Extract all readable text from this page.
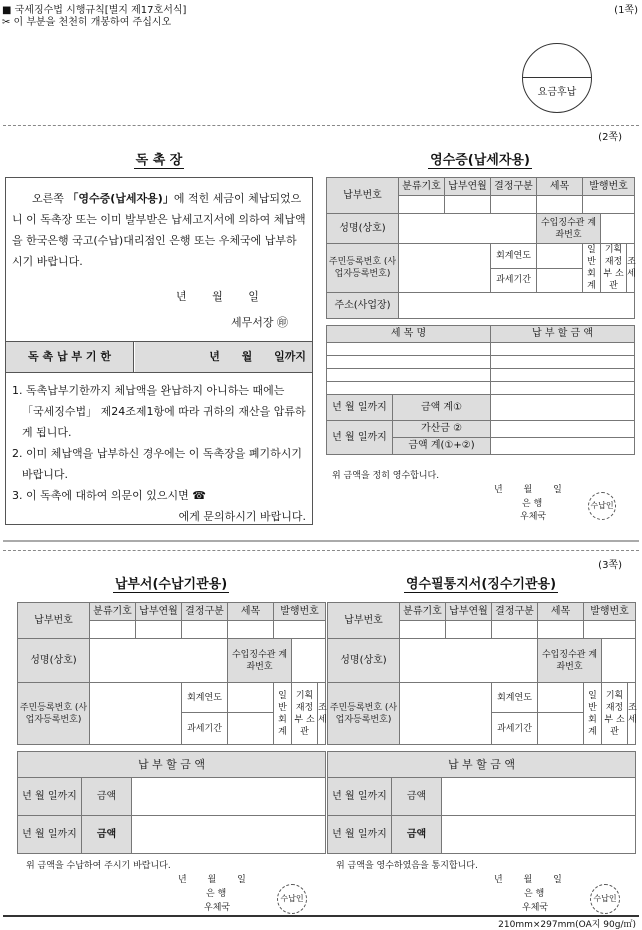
■ 국세징수법 시행규칙[별지 제17호서식]	(1쪽)
✂ 이 부분을 천천히 개봉하여 주십시오
요금후납
(2쪽)
독 촉 장
오른쪽 「영수증(납세자용)」에 적힌 세금이 체납되었으니 이 독촉장 또는 이미 발부받은 납세고지서에 의하여 체납액을 한국은행 국고(수납)대리점인 은행 또는 우체국에 납부하시기 바랍니다.
년 월 일
세무서장 ㊞
독 촉 납 부 기 한	년 월 일까지

1. 독촉납부기한까지 체납액을 완납하지 아니하는 때에는 「국세징수법」 제24조제1항에 따라 귀하의 재산을 압류하게 됩니다.

2. 이미 체납액을 납부하신 경우에는 이 독촉장을 폐기하시기 바랍니다.

3. 이 독촉에 대하여 의문이 있으시면 ☎

에게 문의하시기 바랍니다.

영수증(납세자용)
납부번호	분류기호	납부연월	결정구분	세목	발행번호		

성명(상호)				수입징수관 계좌번호			
주민등록번호 (사업자등록번호)			회계연도		일반 회계	기획 재정부 소관	조세
			과세기간				
주소(사업장)							
세 목 명		납 부 할 금 액

년 월 일까지	금액 계①	
년 월 일까지	가산금 ②	
	금액 계(①+②)	
위 금액을 정히 영수합니다.
년 월 일
은 행
우체국
수납인
(3쪽)
납부서(수납기관용)
납부번호	분류기호	납부연월	결정구분	세목	발행번호		

성명(상호)				수입징수관 계좌번호			
주민등록번호 (사업자등록번호)			회계연도		일반 회계	기획 재정부 소관	조세
			과세기간				
납 부 할 금 액		
년 월 일까지	금액	
년 월 일까지	금액	
위 금액을 수납하여 주시기 바랍니다.
년 월 일
은 행
우체국
수납인
영수필통지서(징수기관용)
납부번호	분류기호	납부연월	결정구분	세목	발행번호		

성명(상호)				수입징수관 계좌번호			
주민등록번호 (사업자등록번호)			회계연도		일반 회계	기획 재정부 소관	조세
			과세기간				
납 부 할 금 액		
년 월 일까지	금액	
년 월 일까지	금액	
위 금액을 영수하였음을 통지합니다.
년 월 일
은 행
우체국
수납인
210mm×297mm(OA지 90g/㎡)
